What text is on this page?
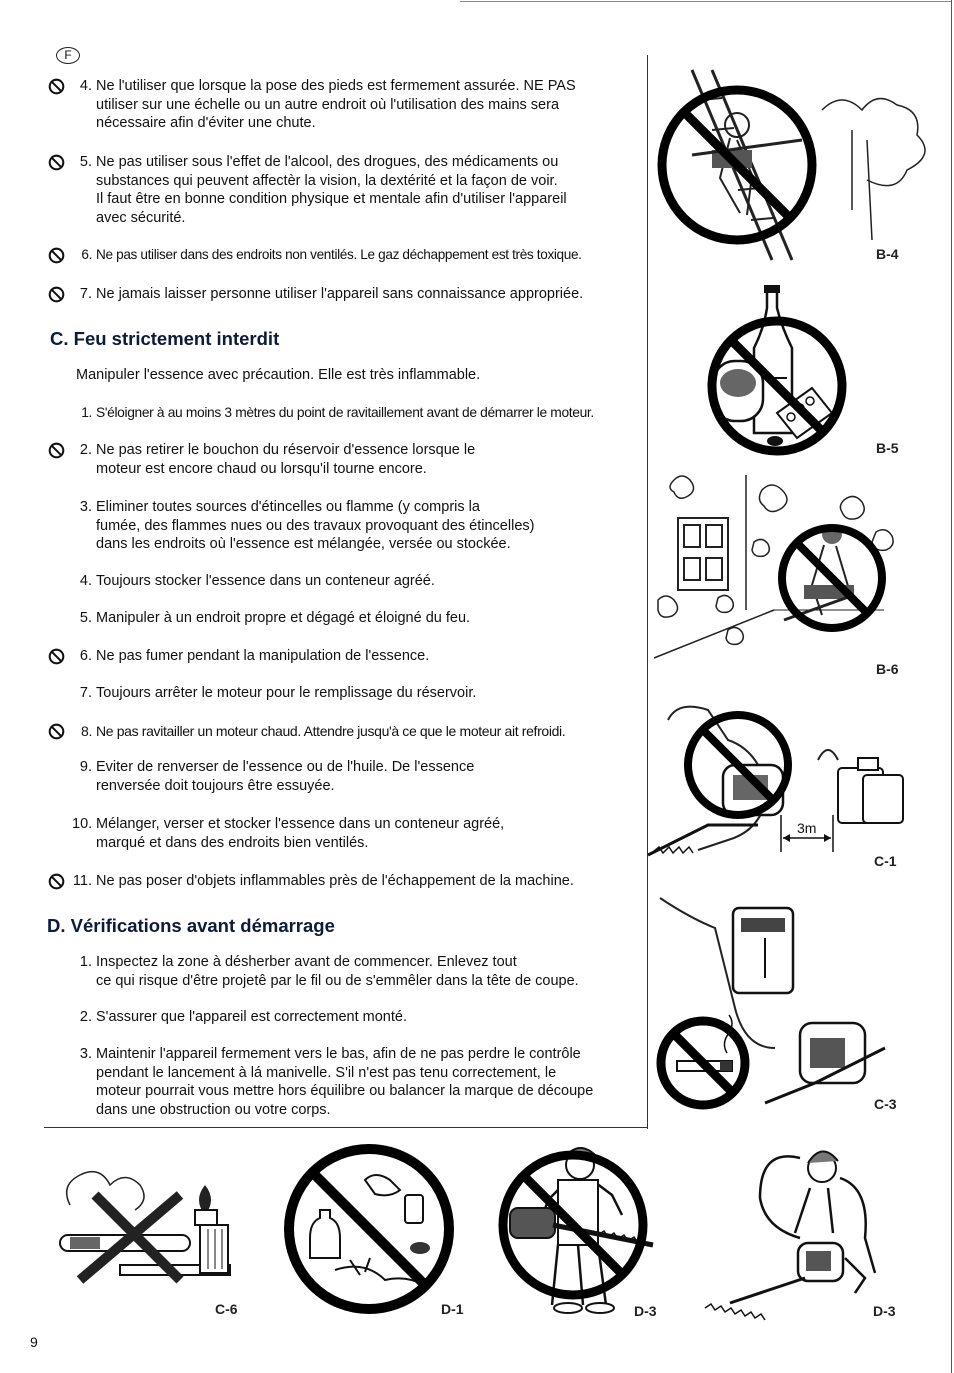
F
4. Ne l'utiliser que lorsque la pose des pieds est fermement assurée. NE PAS
utiliser sur une échelle ou un autre endroit où l'utilisation des mains sera
nécessaire afin d'éviter une chute.
5. Ne pas utiliser sous l'effet de l'alcool, des drogues, des médicaments ou
substances qui peuvent affectèr la vision, la dextérité et la façon de voir.
Il faut être en bonne condition physique et mentale afin d'utiliser l'appareil
avec sécurité.
6. Ne pas utiliser dans des endroits non ventilés. Le gaz déchappement est très toxique.
7. Ne jamais laisser personne utiliser l'appareil sans connaissance appropriée.
C. Feu strictement interdit
Manipuler l'essence avec précaution. Elle est très inflammable.
1. S'éloigner à au moins 3 mètres du point de ravitaillement avant de démarrer le moteur.
2. Ne pas retirer le bouchon du réservoir d'essence lorsque le
moteur est encore chaud ou lorsqu'il tourne encore.
3. Eliminer toutes sources d'étincelles ou flamme (y compris la
fumée, des flammes nues ou des travaux provoquant des étincelles)
dans les endroits où l'essence est mélangée, versée ou stockée.
4. Toujours stocker l'essence dans un conteneur agréé.
5. Manipuler à un endroit propre et dégagé et éloigné du feu.
6. Ne pas fumer pendant la manipulation de l'essence.
7. Toujours arrêter le moteur pour le remplissage du réservoir.
8. Ne pas ravitailler un moteur chaud. Attendre jusqu'à ce que le moteur ait refroidi.
9. Eviter de renverser de l'essence ou de l'huile. De l'essence
renversée doit toujours être essuyée.
10. Mélanger, verser et stocker l'essence dans un conteneur agréé,
marqué et dans des endroits bien ventilés.
11. Ne pas poser d'objets inflammables près de l'échappement de la machine.
D. Vérifications avant démarrage
1. Inspectez la zone à désherber avant de commencer. Enlevez tout
ce qui risque d'être projetê par le fil ou de s'emmêler dans la tête de coupe.
2. S'assurer que l'appareil est correctement monté.
3. Maintenir l'appareil fermement vers le bas, afin de ne pas perdre le contrôle
pendant le lancement à lá manivelle. S'il n'est pas tenu correctement, le
moteur pourrait vous mettre hors équilibre ou balancer la marque de découpe
dans une obstruction ou votre corps.
B-4
B-5
B-6
3m
C-1
C-3
C-6	D-1	D-3	D-3
9
